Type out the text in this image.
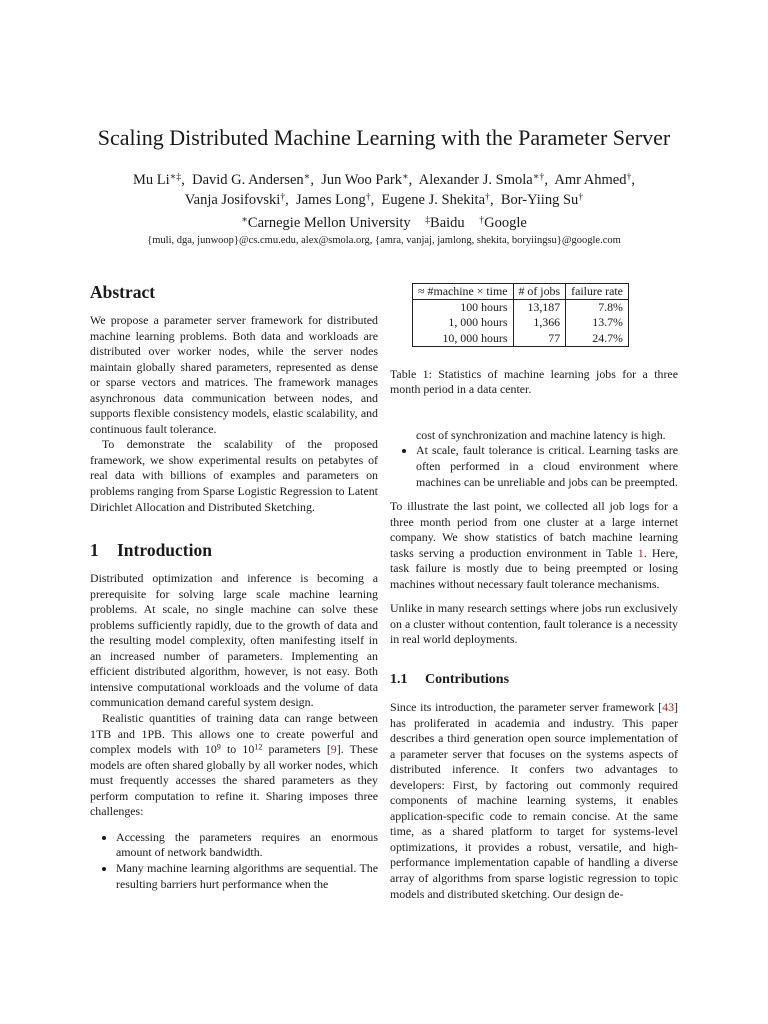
Scaling Distributed Machine Learning with the Parameter Server
Mu Li∗‡, David G. Andersen∗, Jun Woo Park∗, Alexander J. Smola∗†, Amr Ahmed†,
Vanja Josifovski†, James Long†, Eugene J. Shekita†, Bor-Yiing Su†
∗Carnegie Mellon University ‡Baidu †Google
{muli, dga, junwoop}@cs.cmu.edu, alex@smola.org, {amra, vanjaj, jamlong, shekita, boryiingsu}@google.com
Abstract

We propose a parameter server framework for distributed machine learning problems. Both data and workloads are distributed over worker nodes, while the server nodes maintain globally shared parameters, represented as dense or sparse vectors and matrices. The framework manages asynchronous data communication between nodes, and supports flexible consistency models, elastic scalability, and continuous fault tolerance.

To demonstrate the scalability of the proposed framework, we show experimental results on petabytes of real data with billions of examples and parameters on problems ranging from Sparse Logistic Regression to Latent Dirichlet Allocation and Distributed Sketching.

1 Introduction

Distributed optimization and inference is becoming a prerequisite for solving large scale machine learning problems. At scale, no single machine can solve these problems sufficiently rapidly, due to the growth of data and the resulting model complexity, often manifesting itself in an increased number of parameters. Implementing an efficient distributed algorithm, however, is not easy. Both intensive computational workloads and the volume of data communication demand careful system design.

Realistic quantities of training data can range between 1TB and 1PB. This allows one to create powerful and complex models with $10^9$ to $10^{12}$ parameters [9]. These models are often shared globally by all worker nodes, which must frequently accesses the shared parameters as they perform computation to refine it. Sharing imposes three challenges:

• Accessing the parameters requires an enormous amount of network bandwidth.
• Many machine learning algorithms are sequential. The resulting barriers hurt performance when the
≈ #machine × time	# of jobs	failure rate
100 hours	13,187	7.8%
1, 000 hours	1,366	13.7%
10, 000 hours	77	24.7%

Table 1: Statistics of machine learning jobs for a three month period in a data center.

cost of synchronization and machine latency is high.

• At scale, fault tolerance is critical. Learning tasks are often performed in a cloud environment where machines can be unreliable and jobs can be preempted.

To illustrate the last point, we collected all job logs for a three month period from one cluster at a large internet company. We show statistics of batch machine learning tasks serving a production environment in Table 1. Here, task failure is mostly due to being preempted or losing machines without necessary fault tolerance mechanisms.

Unlike in many research settings where jobs run exclusively on a cluster without contention, fault tolerance is a necessity in real world deployments.

1.1 Contributions

Since its introduction, the parameter server framework [43] has proliferated in academia and industry. This paper describes a third generation open source implementation of a parameter server that focuses on the systems aspects of distributed inference. It confers two advantages to developers: First, by factoring out commonly required components of machine learning systems, it enables application-specific code to remain concise. At the same time, as a shared platform to target for systems-level optimizations, it provides a robust, versatile, and high-performance implementation capable of handling a diverse array of algorithms from sparse logistic regression to topic models and distributed sketching. Our design de-
